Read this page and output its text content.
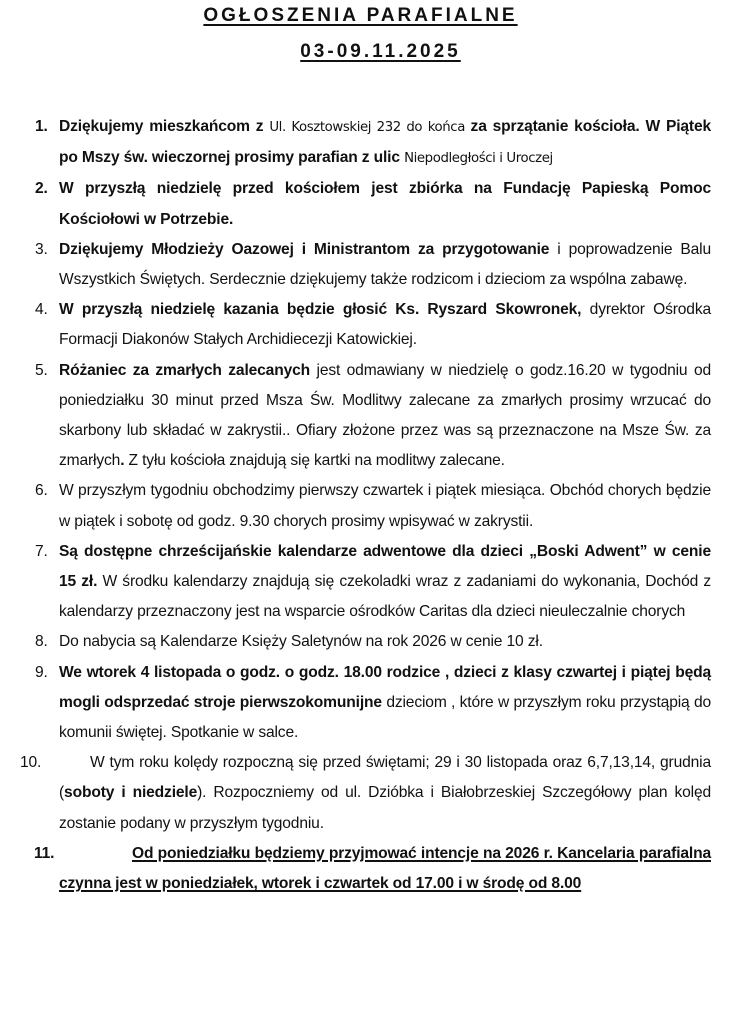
OGŁOSZENIA PARAFIALNE
03-09.11.2025
1. Dziękujemy mieszkańcom z Ul. Kosztowskiej 232 do końca za sprzątanie kościoła. W Piątek po Mszy św. wieczornej prosimy parafian z ulic Niepodległości i Uroczej
2. W przyszłą niedzielę przed kościołem jest zbiórka na Fundację Papieską Pomoc Kościołowi w Potrzebie.
3. Dziękujemy Młodzieży Oazowej i Ministrantom za przygotowanie i poprowadzenie Balu Wszystkich Świętych. Serdecznie dziękujemy także rodzicom i dzieciom za wspólna zabawę.
4. W przyszłą niedzielę kazania będzie głosić Ks. Ryszard Skowronek, dyrektor Ośrodka Formacji Diakonów Stałych Archidiecezji Katowickiej.
5. Różaniec za zmarłych zalecanych jest odmawiany w niedzielę o godz.16.20 w tygodniu od poniedziałku 30 minut przed Msza Św. Modlitwy zalecane za zmarłych prosimy wrzucać do skarbony lub składać w zakrystii.. Ofiary złożone przez was są przeznaczone na Msze Św. za zmarłych. Z tyłu kościoła znajdują się kartki na modlitwy zalecane.
6. W przyszłym tygodniu obchodzimy pierwszy czwartek i piątek miesiąca. Obchód chorych będzie w piątek i sobotę od godz. 9.30 chorych prosimy wpisywać w zakrystii.
7. Są dostępne chrześcijańskie kalendarze adwentowe dla dzieci „Boski Adwent” w cenie 15 zł. W środku kalendarzy znajdują się czekoladki wraz z zadaniami do wykonania, Dochód z kalendarzy przeznaczony jest na wsparcie ośrodków Caritas dla dzieci nieuleczalnie chorych
8. Do nabycia są Kalendarze Księży Saletynów na rok 2026 w cenie 10 zł.
9. We wtorek 4 listopada o godz. o godz. 18.00 rodzice , dzieci z klasy czwartej i piątej będą mogli odsprzedać stroje pierwszokomunijne dzieciom , które w przyszłym roku przystąpią do komunii świętej. Spotkanie w salce.
10.	W tym roku kolędy rozpoczną się przed świętami; 29 i 30 listopada oraz 6,7,13,14, grudnia (soboty i niedziele). Rozpoczniemy od ul. Dzióbka i Białobrzeskiej Szczegółowy plan kolęd zostanie podany w przyszłym tygodniu.
11.	Od poniedziałku będziemy przyjmować intencje na 2026 r. Kancelaria parafialna czynna jest w poniedziałek, wtorek i czwartek od 17.00 i w środę od 8.00
